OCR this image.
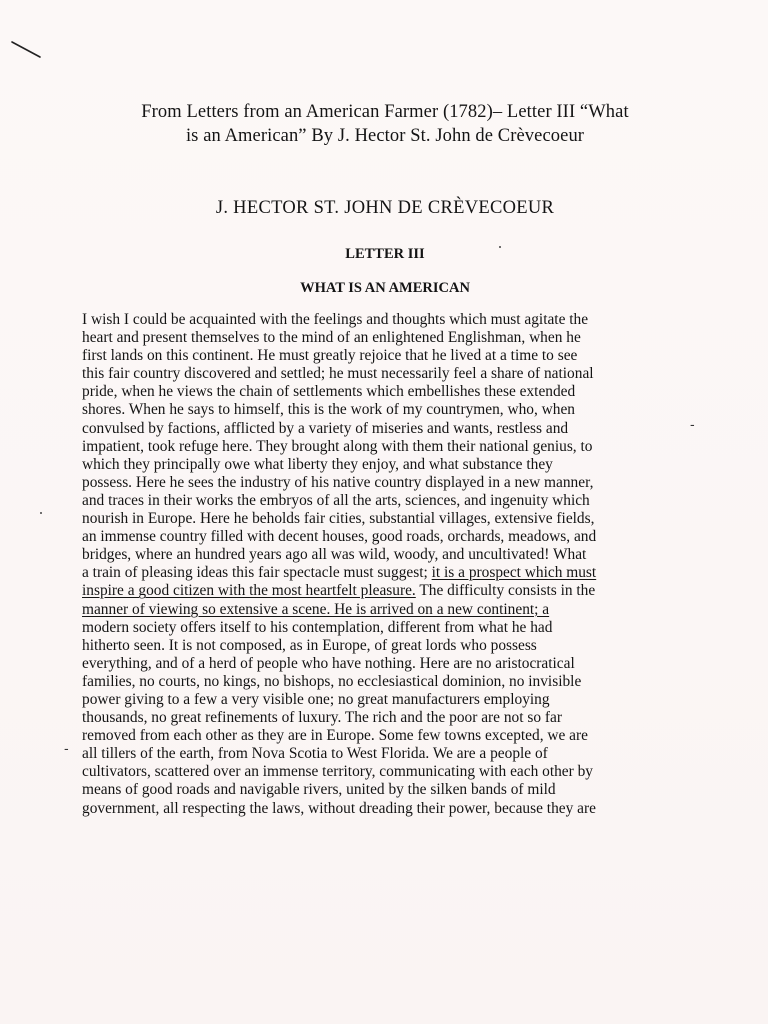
From Letters from an American Farmer (1782)– Letter III “What
is an American” By J. Hector St. John de Crèvecoeur
J. HECTOR ST. JOHN DE CRÈVECOEUR
LETTER III
WHAT IS AN AMERICAN
I wish I could be acquainted with the feelings and thoughts which must agitate the
heart and present themselves to the mind of an enlightened Englishman, when he
first lands on this continent. He must greatly rejoice that he lived at a time to see
this fair country discovered and settled; he must necessarily feel a share of national
pride, when he views the chain of settlements which embellishes these extended
shores. When he says to himself, this is the work of my countrymen, who, when
convulsed by factions, afflicted by a variety of miseries and wants, restless and
impatient, took refuge here. They brought along with them their national genius, to
which they principally owe what liberty they enjoy, and what substance they
possess. Here he sees the industry of his native country displayed in a new manner,
and traces in their works the embryos of all the arts, sciences, and ingenuity which
nourish in Europe. Here he beholds fair cities, substantial villages, extensive fields,
an immense country filled with decent houses, good roads, orchards, meadows, and
bridges, where an hundred years ago all was wild, woody, and uncultivated! What
a train of pleasing ideas this fair spectacle must suggest; it is a prospect which must
inspire a good citizen with the most heartfelt pleasure. The difficulty consists in the
manner of viewing so extensive a scene. He is arrived on a new continent; a
modern society offers itself to his contemplation, different from what he had
hitherto seen. It is not composed, as in Europe, of great lords who possess
everything, and of a herd of people who have nothing. Here are no aristocratical
families, no courts, no kings, no bishops, no ecclesiastical dominion, no invisible
power giving to a few a very visible one; no great manufacturers employing
thousands, no great refinements of luxury. The rich and the poor are not so far
removed from each other as they are in Europe. Some few towns excepted, we are
all tillers of the earth, from Nova Scotia to West Florida. We are a people of
cultivators, scattered over an immense territory, communicating with each other by
means of good roads and navigable rivers, united by the silken bands of mild
government, all respecting the laws, without dreading their power, because they are
-
-
